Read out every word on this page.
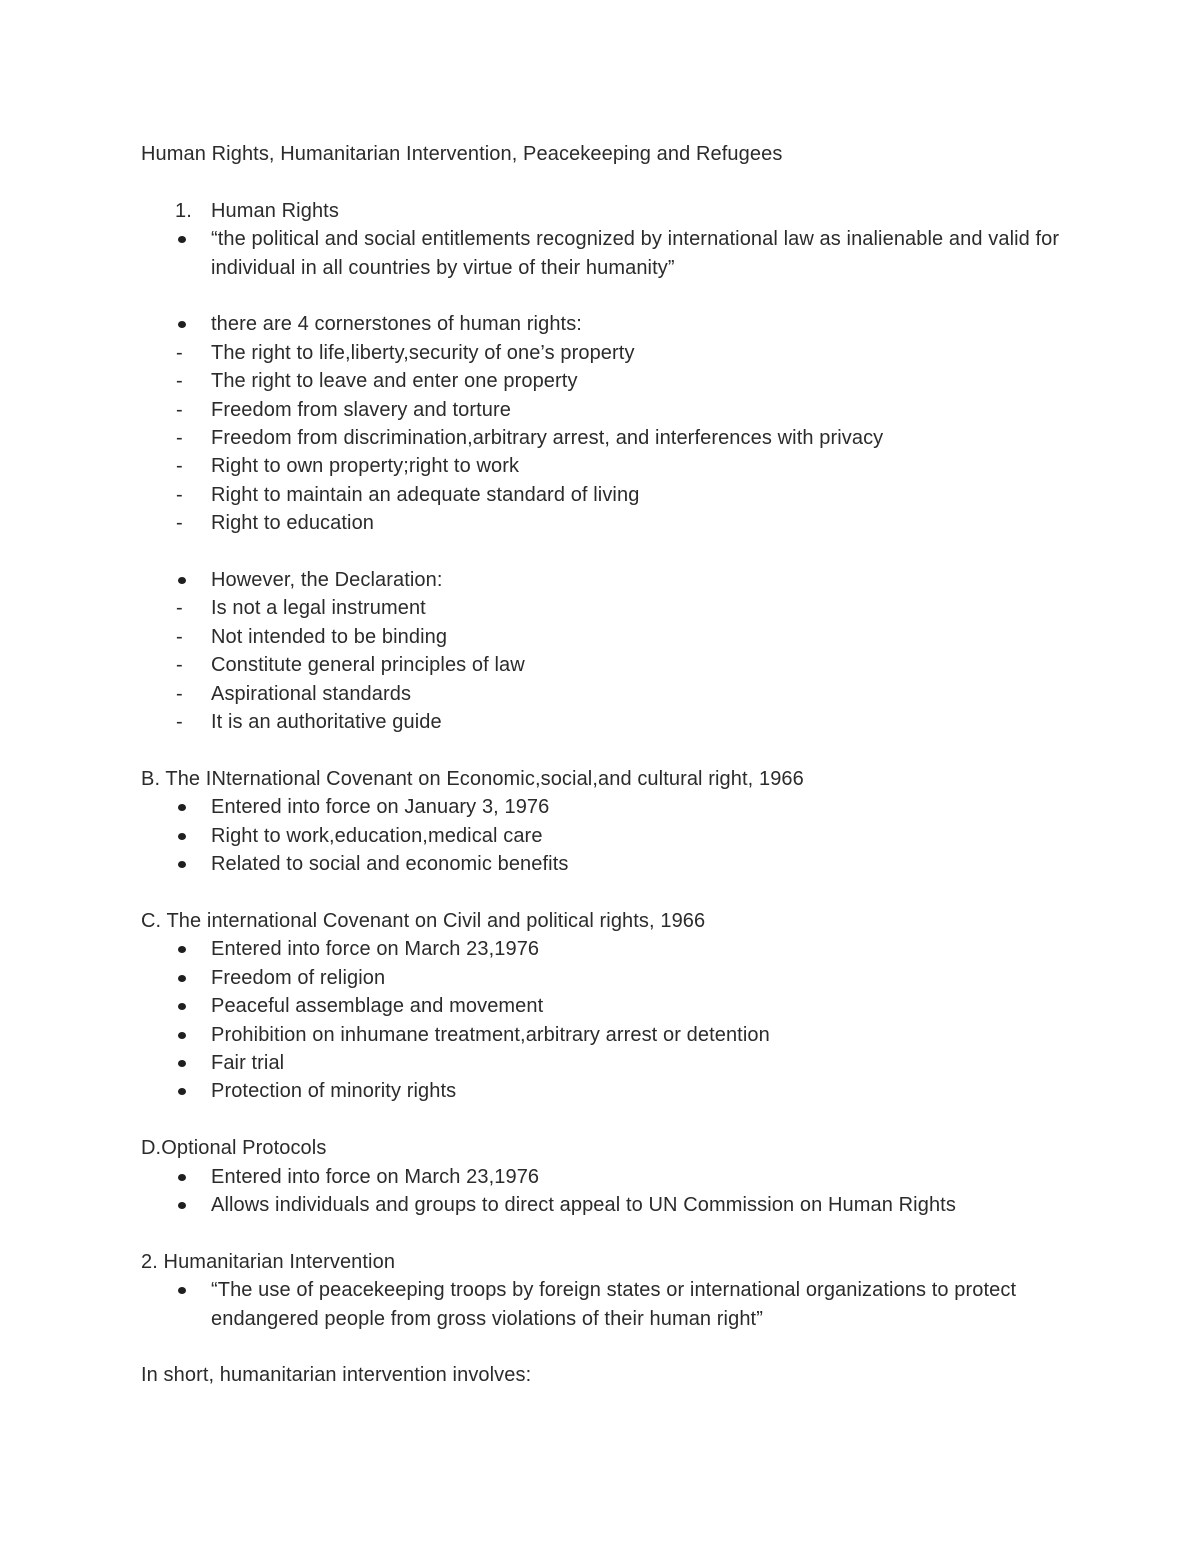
Human Rights, Humanitarian Intervention, Peacekeeping and Refugees
1. Human Rights
“the political and social entitlements recognized by international law as inalienable and valid for individual in all countries by virtue of their humanity”
there are 4 cornerstones of human rights:
- The right to life,liberty,security of one’s property
- The right to leave and enter one property
- Freedom from slavery and torture
- Freedom from discrimination,arbitrary arrest, and interferences with privacy
- Right to own property;right to work
- Right to maintain an adequate standard of living
- Right to education
However, the Declaration:
- Is not a legal instrument
- Not intended to be binding
- Constitute general principles of law
- Aspirational standards
- It is an authoritative guide
B. The INternational Covenant on Economic,social,and cultural right, 1966
Entered into force on January 3, 1976
Right to work,education,medical care
Related to social and economic benefits
C. The international Covenant on Civil and political rights, 1966
Entered into force on March 23,1976
Freedom of religion
Peaceful assemblage and movement
Prohibition on inhumane treatment,arbitrary arrest or detention
Fair trial
Protection of minority rights
D.Optional Protocols
Entered into force on March 23,1976
Allows individuals and groups to direct appeal to UN Commission on Human Rights
2. Humanitarian Intervention
“The use of peacekeeping troops by foreign states or international organizations to protect endangered people from gross violations of their human right”
In short, humanitarian intervention involves:
